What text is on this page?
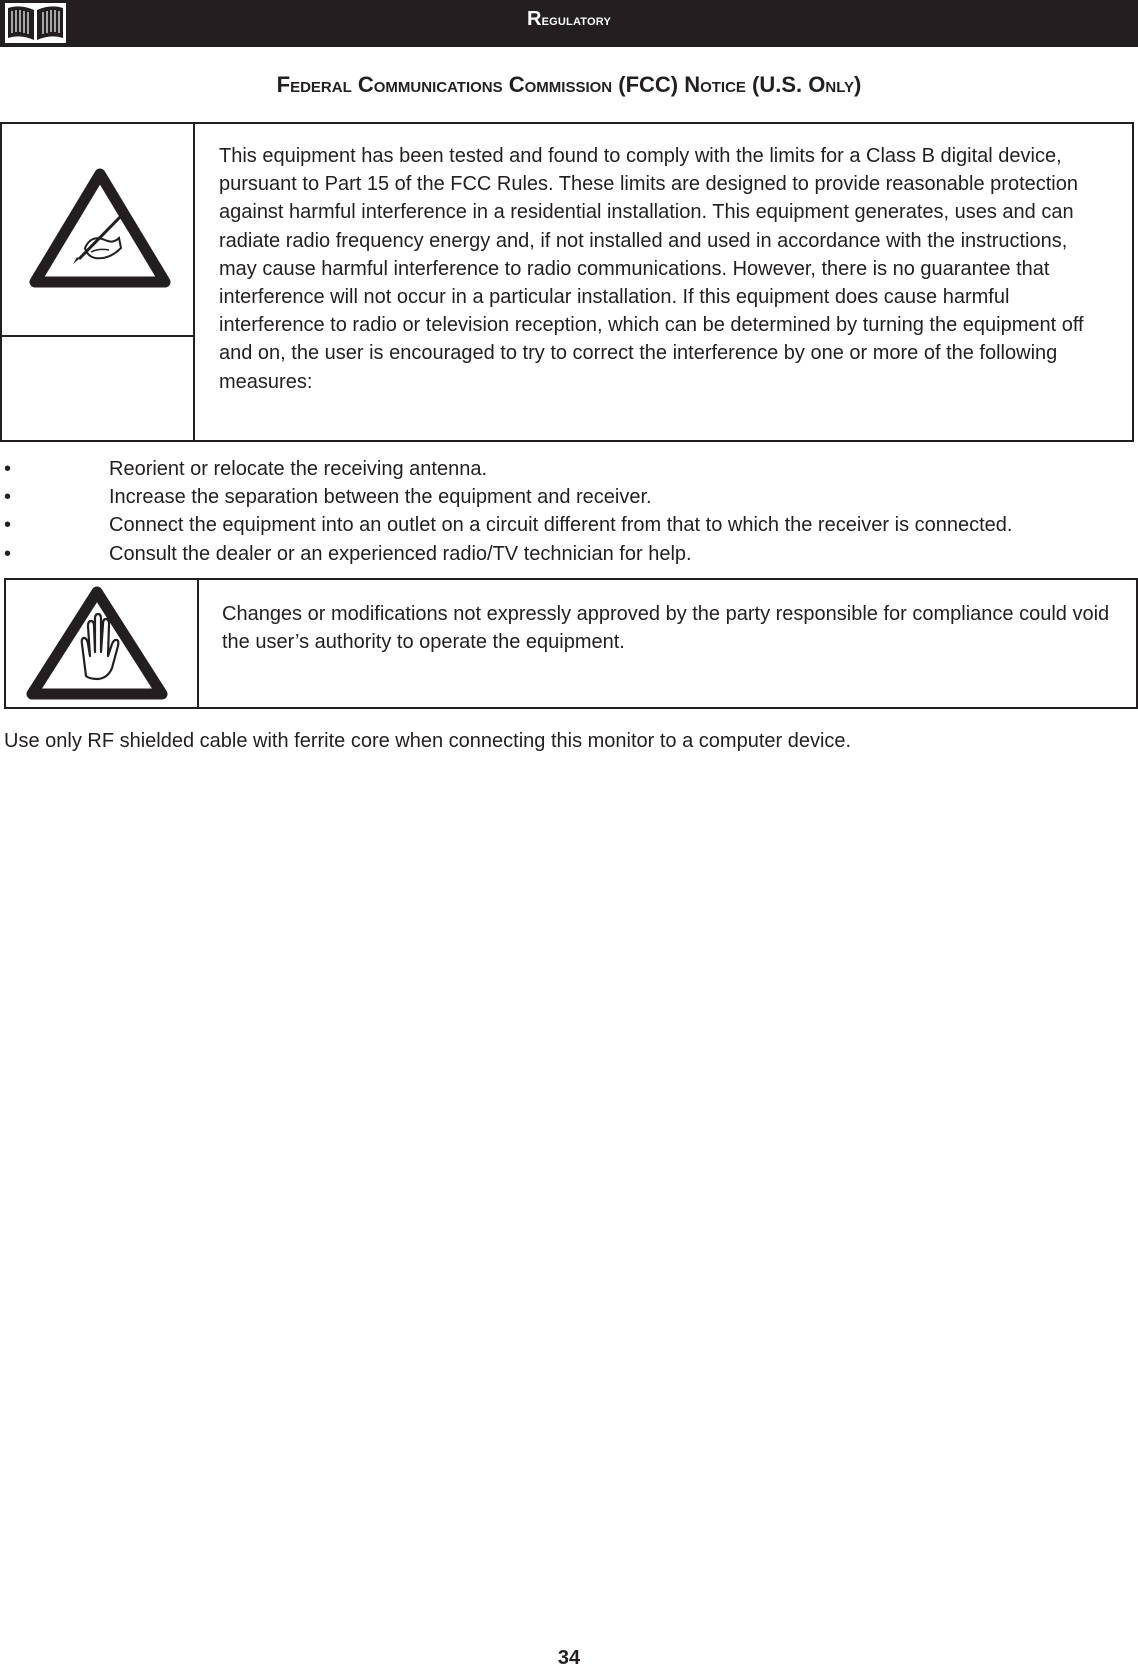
Regulatory
Federal Communications Commission (FCC) Notice (U.S. Only)
This equipment has been tested and found to comply with the limits for a Class B digital device, pursuant to Part 15 of the FCC Rules. These limits are designed to provide reasonable protection against harmful interference in a residential installation. This equipment generates, uses and can radiate radio frequency energy and, if not installed and used in accordance with the instructions, may cause harmful interference to radio communications. However, there is no guarantee that interference will not occur in a particular installation. If this equipment does cause harmful interference to radio or television reception, which can be determined by turning the equipment off and on, the user is encouraged to try to correct the interference by one or more of the following measures:
•	Reorient or relocate the receiving antenna.
•	Increase the separation between the equipment and receiver.
•	Connect the equipment into an outlet on a circuit different from that to which the receiver is connected.
•	Consult the dealer or an experienced radio/TV technician for help.
Changes or modifications not expressly approved by the party responsible for compliance could void the user’s authority to operate the equipment.
Use only RF shielded cable with ferrite core when connecting this monitor to a computer device.
34
